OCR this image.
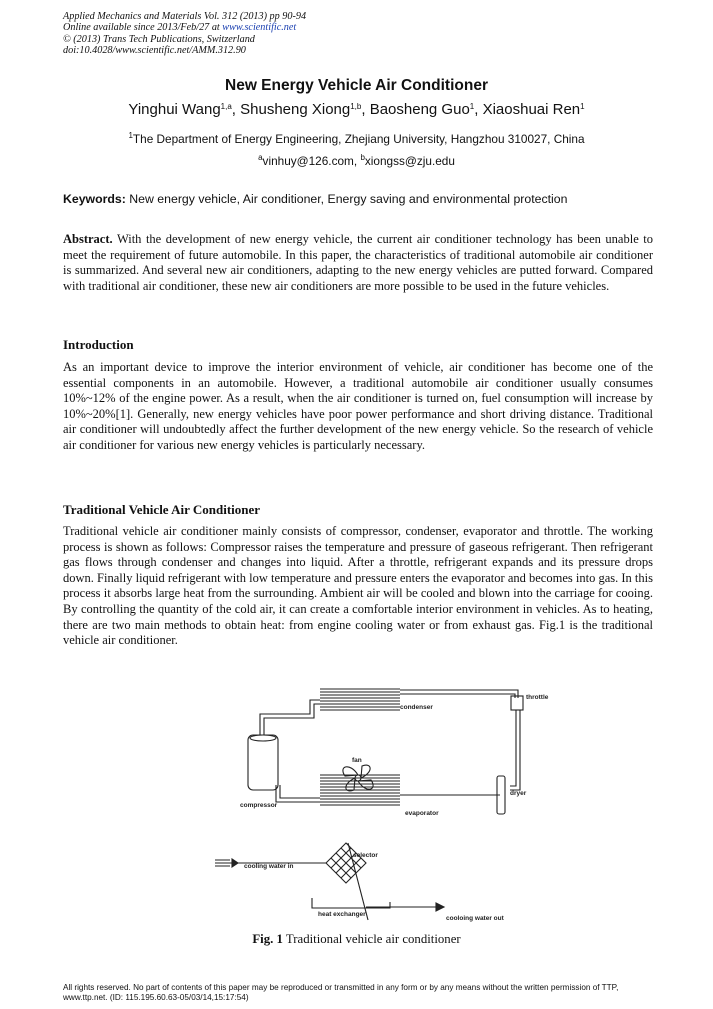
Applied Mechanics and Materials Vol. 312 (2013) pp 90-94
Online available since 2013/Feb/27 at www.scientific.net
© (2013) Trans Tech Publications, Switzerland
doi:10.4028/www.scientific.net/AMM.312.90
New Energy Vehicle Air Conditioner
Yinghui Wang$^{1,a}$, Shusheng Xiong$^{1,b}$, Baosheng Guo$^1$, Xiaoshuai Ren$^1$
$^1$The Department of Energy Engineering, Zhejiang University, Hangzhou 310027, China
$^a$vinhuy@126.com, $^b$xiongss@zju.edu
Keywords: New energy vehicle, Air conditioner, Energy saving and environmental protection
Abstract. With the development of new energy vehicle, the current air conditioner technology has been unable to meet the requirement of future automobile. In this paper, the characteristics of traditional automobile air conditioner is summarized. And several new air conditioners, adapting to the new energy vehicles are putted forward. Compared with traditional air conditioner, these new air conditioners are more possible to be used in the future vehicles.
Introduction
As an important device to improve the interior environment of vehicle, air conditioner has become one of the essential components in an automobile. However, a traditional automobile air conditioner usually consumes 10%~12% of the engine power. As a result, when the air conditioner is turned on, fuel consumption will increase by 10%~20%[1]. Generally, new energy vehicles have poor power performance and short driving distance. Traditional air conditioner will undoubtedly affect the further development of the new energy vehicle. So the research of vehicle air conditioner for various new energy vehicles is particularly necessary.
Traditional Vehicle Air Conditioner
Traditional vehicle air conditioner mainly consists of compressor, condenser, evaporator and throttle. The working process is shown as follows: Compressor raises the temperature and pressure of gaseous refrigerant. Then refrigerant gas flows through condenser and changes into liquid. After a throttle, refrigerant expands and its pressure drops down. Finally liquid refrigerant with low temperature and pressure enters the evaporator and becomes into gas. In this process it absorbs large heat from the surrounding. Ambient air will be cooled and blown into the carriage for cooing. By controlling the quantity of the cold air, it can create a comfortable interior environment in vehicles. As to heating, there are two main methods to obtain heat: from engine cooling water or from exhaust gas. Fig.1 is the traditional vehicle air conditioner.
condenser
throttle
fan
compressor
evaporator
dryer
selector
cooling water in
heat exchanger
cooloing water out
Fig. 1 Traditional vehicle air conditioner
All rights reserved. No part of contents of this paper may be reproduced or transmitted in any form or by any means without the written permission of TTP,
www.ttp.net. (ID: 115.195.60.63-05/03/14,15:17:54)
